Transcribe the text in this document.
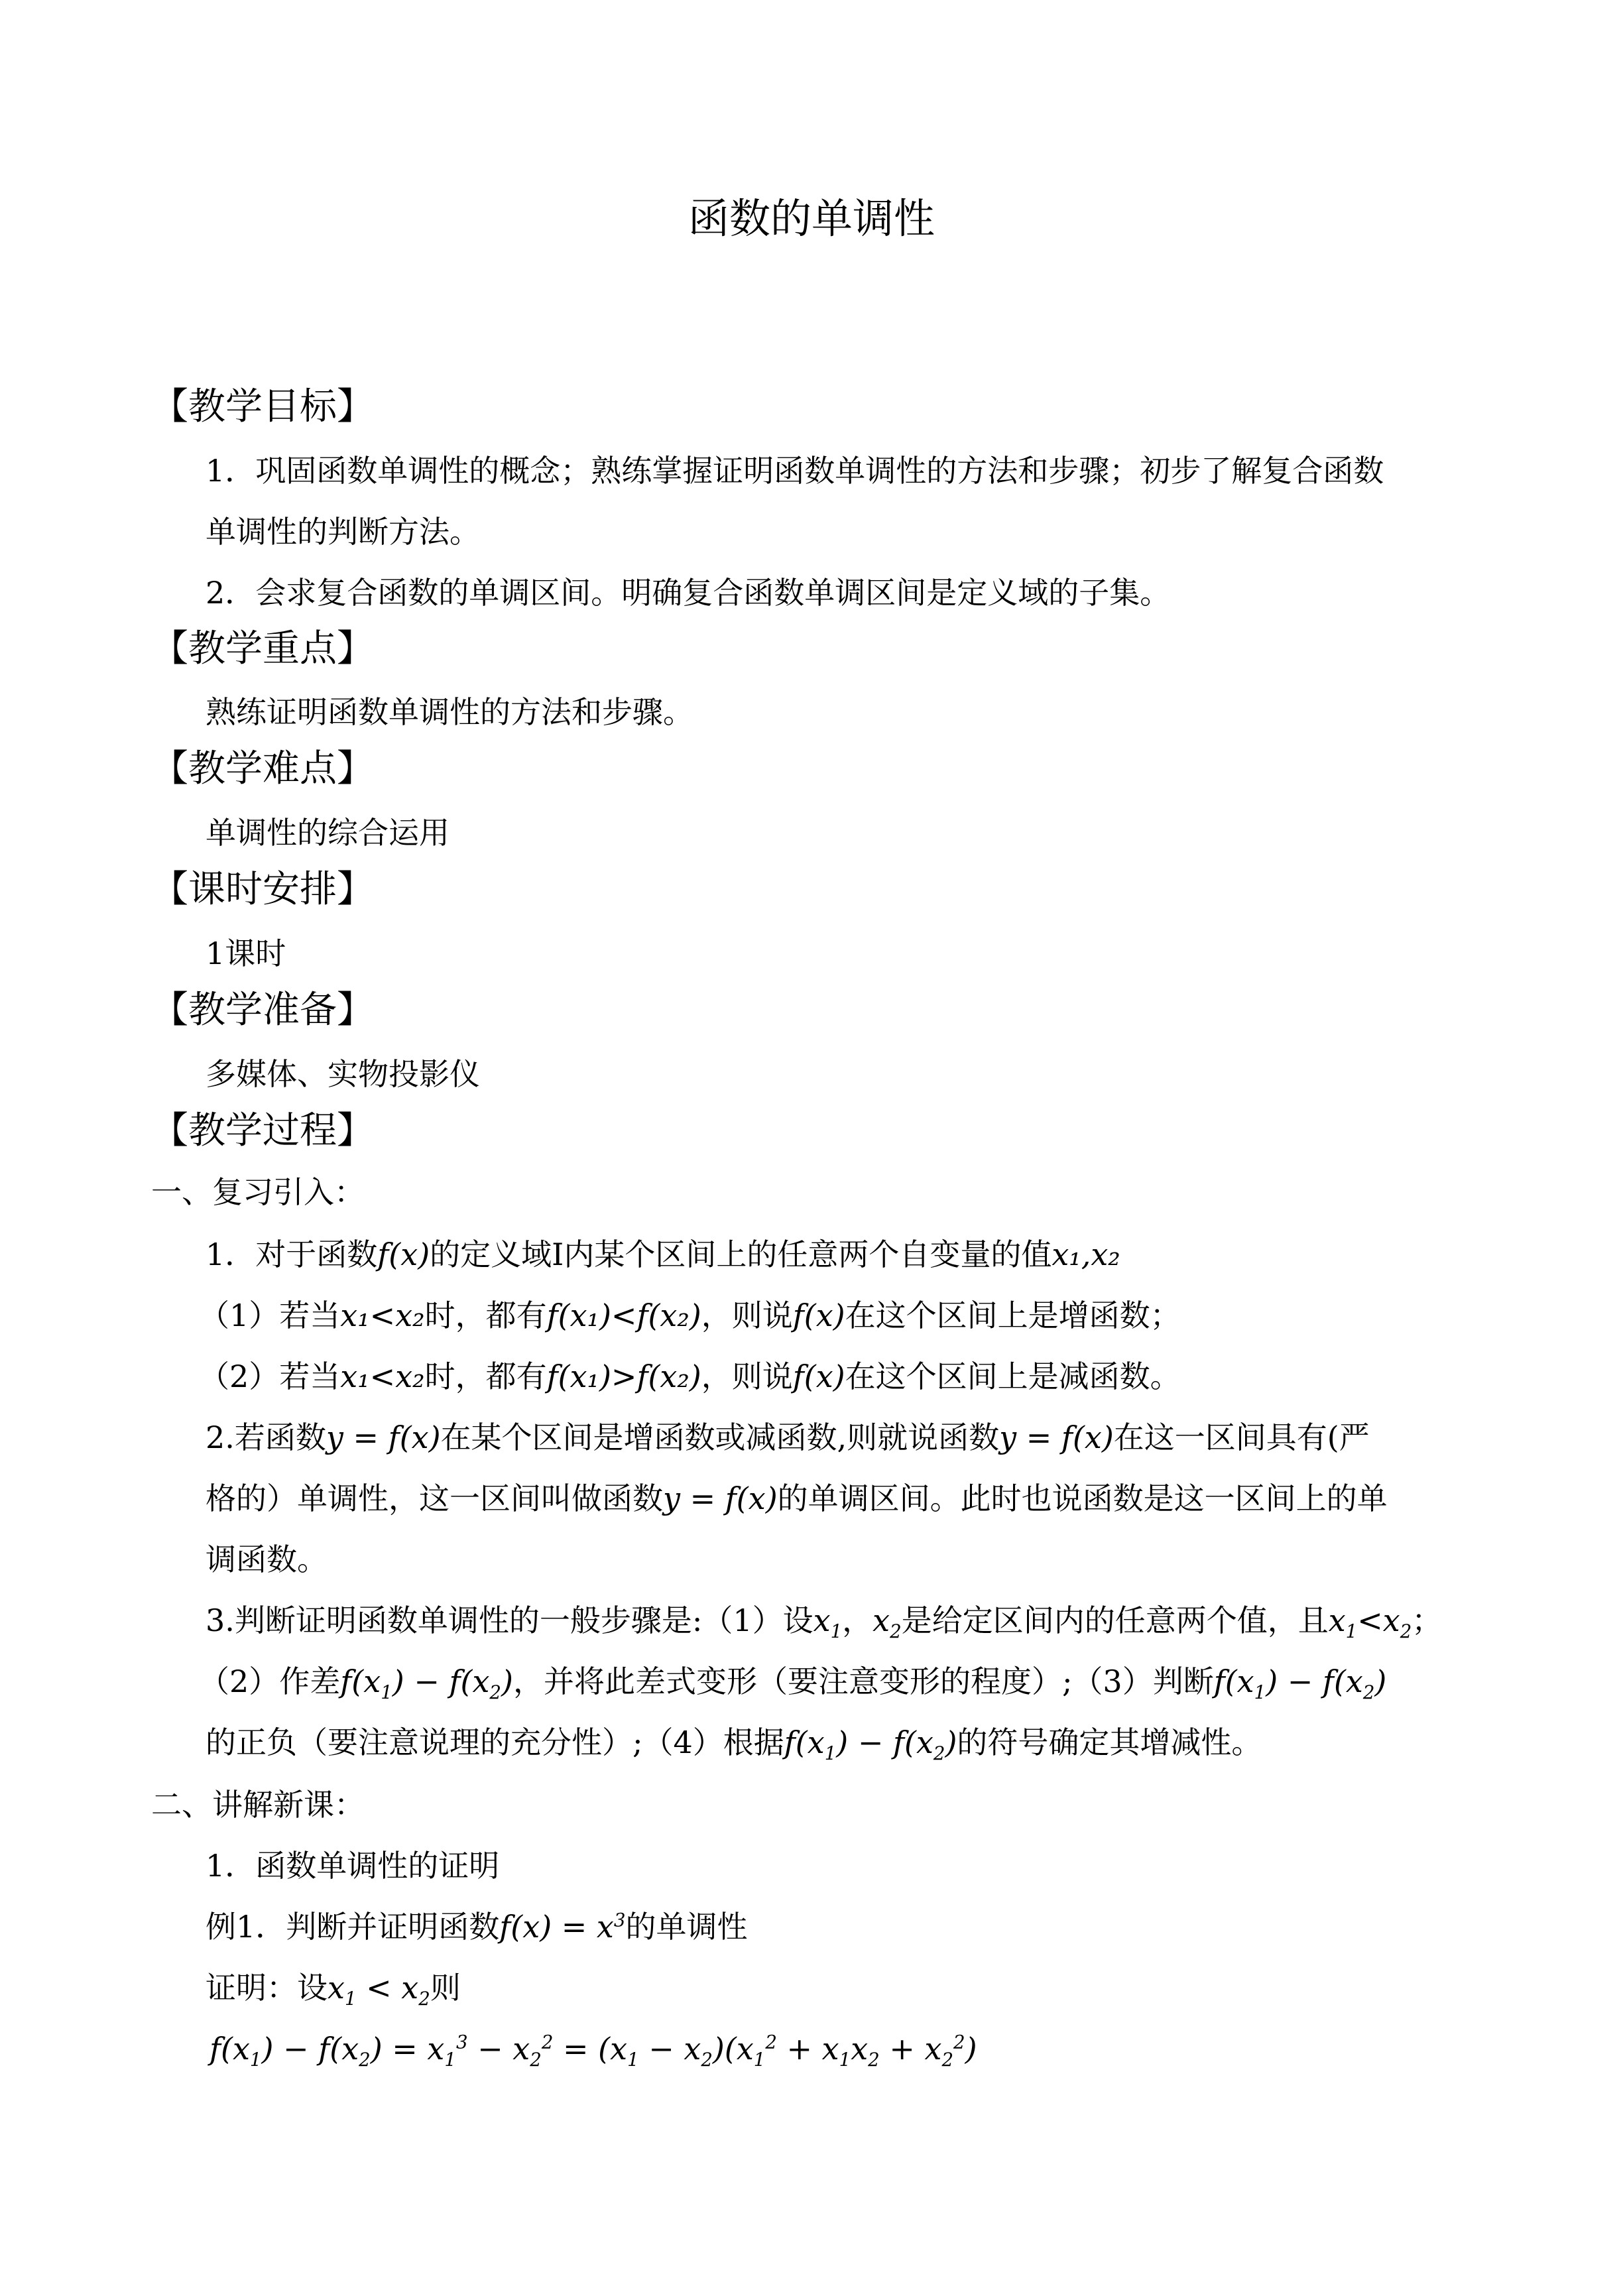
函数的单调性
【教学目标】
1．巩固函数单调性的概念；熟练掌握证明函数单调性的方法和步骤；初步了解复合函数
单调性的判断方法。
2．会求复合函数的单调区间。明确复合函数单调区间是定义域的子集。
【教学重点】
熟练证明函数单调性的方法和步骤。
【教学难点】
单调性的综合运用
【课时安排】
1课时
【教学准备】
多媒体、实物投影仪
【教学过程】
一、复习引入：
1．对于函数f(x)的定义域I内某个区间上的任意两个自变量的值x₁,x₂
（1）若当x₁<x₂时，都有f(x₁)<f(x₂)，则说f(x)在这个区间上是增函数；
（2）若当x₁<x₂时，都有f(x₁)>f(x₂)，则说f(x)在这个区间上是减函数。
2.若函数y = f(x)在某个区间是增函数或减函数,则就说函数y = f(x)在这一区间具有(严
格的）单调性，这一区间叫做函数y = f(x)的单调区间。此时也说函数是这一区间上的单
调函数。
3.判断证明函数单调性的一般步骤是:（1）设$x_1$，$x_2$是给定区间内的任意两个值，且$x_1<x_2$；
（2）作差$f(x_1) - f(x_2)$，并将此差式变形（要注意变形的程度）;（3）判断$f(x_1) - f(x_2)$
的正负（要注意说理的充分性）;（4）根据$f(x_1) - f(x_2)$的符号确定其增减性。
二、讲解新课：
1．函数单调性的证明
例1．判断并证明函数$f(x) = x^3$的单调性
证明：设$x_1 < x_2$则
$f(x_1) - f(x_2) = x_1^3 - x_2^2 = (x_1 - x_2)(x_1^2 + x_1x_2 + x_2^2)$
